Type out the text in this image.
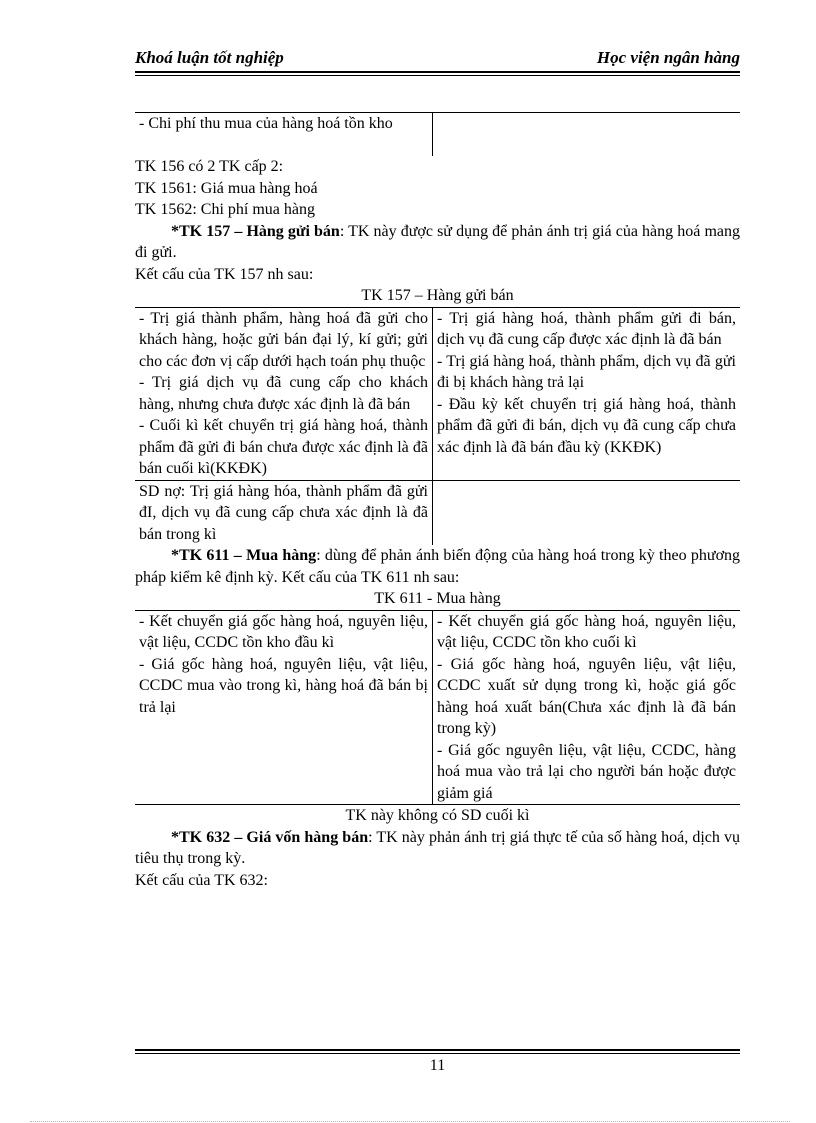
Khoá luận tốt nghiệp	Học viện ngân hàng

- Chi phí thu mua của hàng hoá tồn kho

TK 156 có 2 TK cấp 2:

TK 1561: Giá mua hàng hoá

TK 1562: Chi phí mua hàng

*TK 157 – Hàng gửi bán: TK này được sử dụng để phản ánh trị giá của hàng hoá mang đi gửi.

Kết cấu của TK 157 nh sau:

TK 157 – Hàng gửi bán

- Trị giá thành phẩm, hàng hoá đã gửi cho khách hàng, hoặc gửi bán đại lý, kí gửi; gửi cho các đơn vị cấp dưới hạch toán phụ thuộc

- Trị giá dịch vụ đã cung cấp cho khách hàng, nhưng chưa được xác định là đã bán

- Cuối kì kết chuyển trị giá hàng hoá, thành phẩm đã gửi đi bán chưa được xác định là đã bán cuối kì(KKĐK)

- Trị giá hàng hoá, thành phẩm gửi đi bán, dịch vụ đã cung cấp được xác định là đã bán

- Trị giá hàng hoá, thành phẩm, dịch vụ đã gửi đi bị khách hàng trả lại

- Đầu kỳ kết chuyển trị giá hàng hoá, thành phẩm đã gửi đi bán, dịch vụ đã cung cấp chưa xác định là đã bán đầu kỳ (KKĐK)

SD nợ: Trị giá hàng hóa, thành phẩm đã gửi đI, dịch vụ đã cung cấp chưa xác định là đã bán trong kì

*TK 611 – Mua hàng: dùng để phản ánh biến động của hàng hoá trong kỳ theo phương pháp kiểm kê định kỳ. Kết cấu của TK 611 nh sau:

TK 611 - Mua hàng

- Kết chuyển giá gốc hàng hoá, nguyên liệu, vật liệu, CCDC tồn kho đầu kì

- Giá gốc hàng hoá, nguyên liệu, vật liệu, CCDC mua vào trong kì, hàng hoá đã bán bị trả lại

- Kết chuyển giá gốc hàng hoá, nguyên liệu, vật liệu, CCDC tồn kho cuối kì

- Giá gốc hàng hoá, nguyên liệu, vật liệu, CCDC xuất sử dụng trong kì, hoặc giá gốc hàng hoá xuất bán(Chưa xác định là đã bán trong kỳ)

- Giá gốc nguyên liệu, vật liệu, CCDC, hàng hoá mua vào trả lại cho người bán hoặc được giảm giá

TK này không có SD cuối kì

*TK 632 – Giá vốn hàng bán: TK này phản ánh trị giá thực tế của số hàng hoá, dịch vụ tiêu thụ trong kỳ.

Kết cấu của TK 632:

11
